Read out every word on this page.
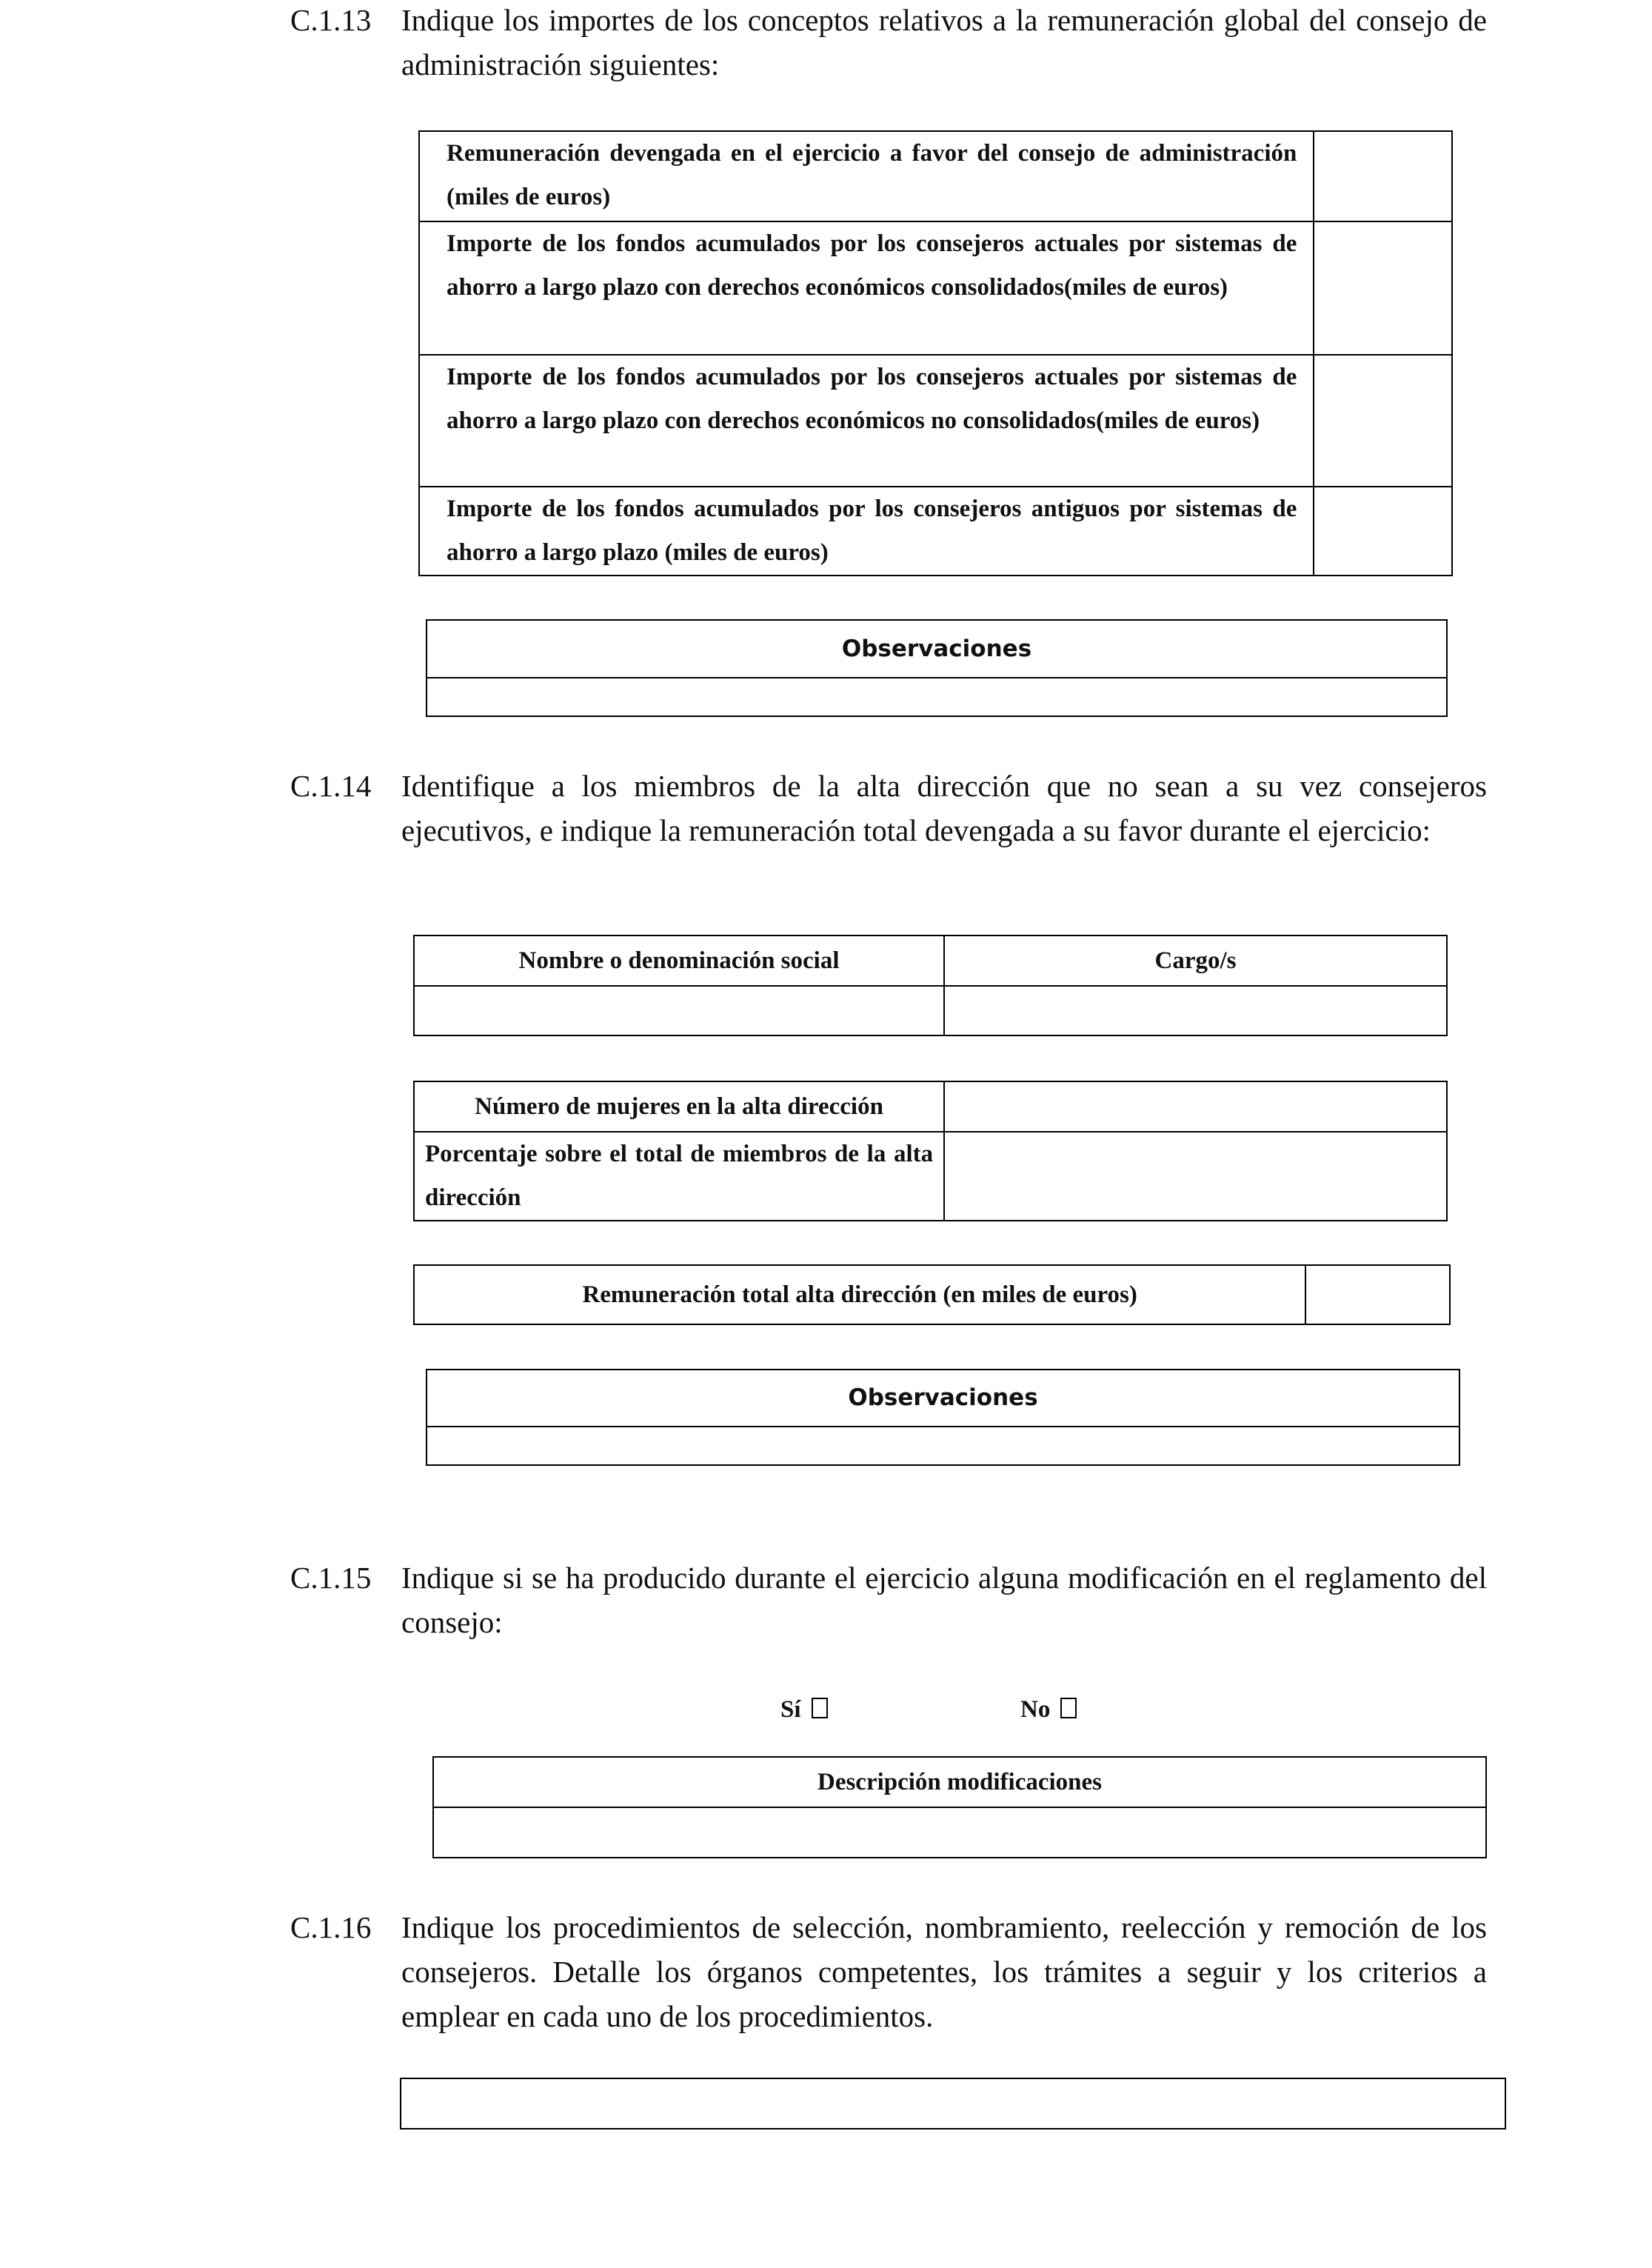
C.1.13 Indique los importes de los conceptos relativos a la remuneración global del consejo de administración siguientes:
Remuneración devengada en el ejercicio a favor del consejo de administración (miles de euros)	
Importe de los fondos acumulados por los consejeros actuales por sistemas de ahorro a largo plazo con derechos económicos consolidados(miles de euros)	
Importe de los fondos acumulados por los consejeros actuales por sistemas de ahorro a largo plazo con derechos económicos no consolidados(miles de euros)	
Importe de los fondos acumulados por los consejeros antiguos por sistemas de ahorro a largo plazo (miles de euros)	
Observaciones

C.1.14 Identifique a los miembros de la alta dirección que no sean a su vez consejeros ejecutivos, e indique la remuneración total devengada a su favor durante el ejercicio:
Nombre o denominación social	Cargo/s

Número de mujeres en la alta dirección	
Porcentaje sobre el total de miembros de la alta dirección	
Remuneración total alta dirección (en miles de euros)	
Observaciones

C.1.15 Indique si se ha producido durante el ejercicio alguna modificación en el reglamento del consejo:
Sí	No
Descripción modificaciones

C.1.16 Indique los procedimientos de selección, nombramiento, reelección y remoción de los consejeros. Detalle los órganos competentes, los trámites a seguir y los criterios a emplear en cada uno de los procedimientos.
